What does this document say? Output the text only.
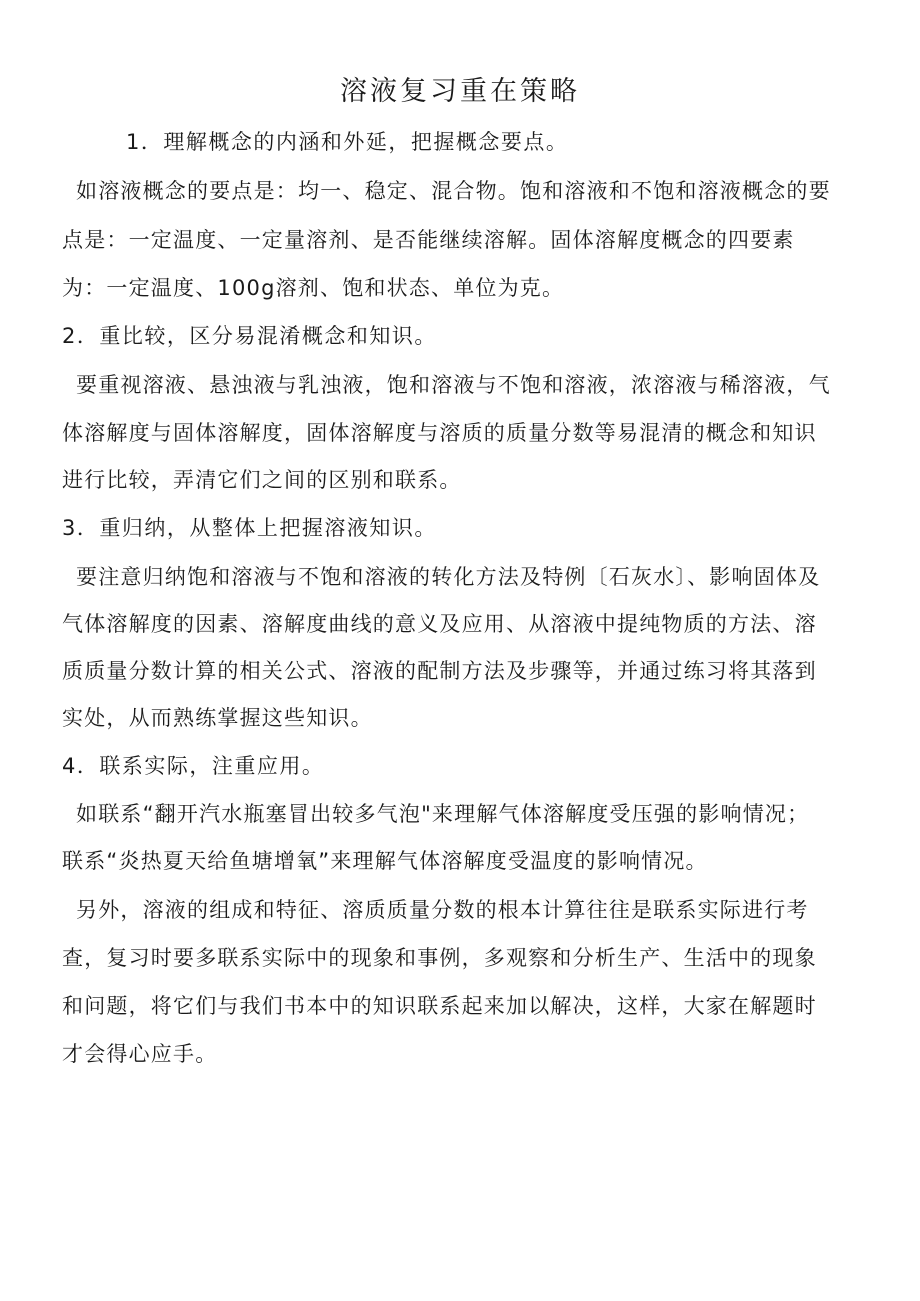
溶液复习重在策略

1．理解概念的内涵和外延，把握概念要点。

如溶液概念的要点是：均一、稳定、混合物。饱和溶液和不饱和溶液概念的要

点是：一定温度、一定量溶剂、是否能继续溶解。固体溶解度概念的四要素

为：一定温度、100g溶剂、饱和状态、单位为克。

2．重比较，区分易混淆概念和知识。

要重视溶液、悬浊液与乳浊液，饱和溶液与不饱和溶液，浓溶液与稀溶液，气

体溶解度与固体溶解度，固体溶解度与溶质的质量分数等易混清的概念和知识

进行比较，弄清它们之间的区别和联系。

3．重归纳，从整体上把握溶液知识。

要注意归纳饱和溶液与不饱和溶液的转化方法及特例〔石灰水〕、影响固体及

气体溶解度的因素、溶解度曲线的意义及应用、从溶液中提纯物质的方法、溶

质质量分数计算的相关公式、溶液的配制方法及步骤等，并通过练习将其落到

实处，从而熟练掌握这些知识。

4．联系实际，注重应用。

如联系“翻开汽水瓶塞冒出较多气泡"来理解气体溶解度受压强的影响情况；

联系“炎热夏天给鱼塘增氧”来理解气体溶解度受温度的影响情况。

另外，溶液的组成和特征、溶质质量分数的根本计算往往是联系实际进行考

查，复习时要多联系实际中的现象和事例，多观察和分析生产、生活中的现象

和问题，将它们与我们书本中的知识联系起来加以解决，这样，大家在解题时

才会得心应手。
